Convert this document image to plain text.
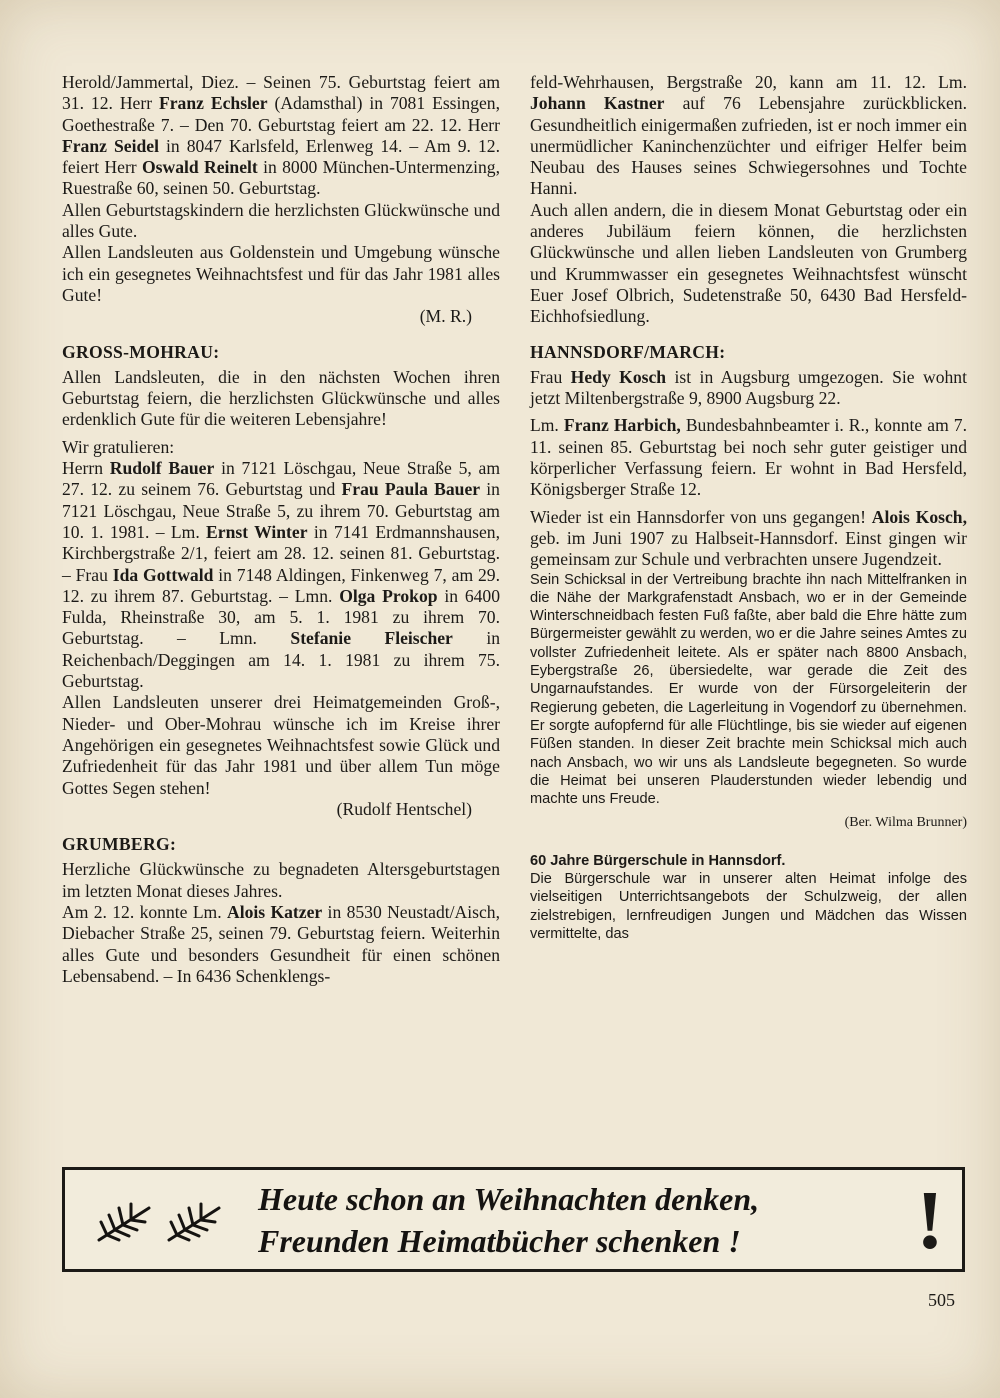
Herold/Jammertal, Diez. – Seinen 75. Geburtstag feiert am 31. 12. Herr Franz Echsler (Adamsthal) in 7081 Essingen, Goethestraße 7. – Den 70. Geburtstag feiert am 22. 12. Herr Franz Seidel in 8047 Karlsfeld, Erlenweg 14. – Am 9. 12. feiert Herr Oswald Reinelt in 8000 München-Untermenzing, Ruestraße 60, seinen 50. Geburtstag.

Allen Geburtstagskindern die herzlichsten Glückwünsche und alles Gute.

Allen Landsleuten aus Goldenstein und Umgebung wünsche ich ein gesegnetes Weihnachtsfest und für das Jahr 1981 alles Gute!

(M. R.)

GROSS-MOHRAU:

Allen Landsleuten, die in den nächsten Wochen ihren Geburtstag feiern, die herzlichsten Glückwünsche und alles erdenklich Gute für die weiteren Lebensjahre!

Wir gratulieren:

Herrn Rudolf Bauer in 7121 Löschgau, Neue Straße 5, am 27. 12. zu seinem 76. Geburtstag und Frau Paula Bauer in 7121 Löschgau, Neue Straße 5, zu ihrem 70. Geburtstag am 10. 1. 1981. – Lm. Ernst Winter in 7141 Erdmannshausen, Kirchbergstraße 2/1, feiert am 28. 12. seinen 81. Geburtstag. – Frau Ida Gottwald in 7148 Aldingen, Finkenweg 7, am 29. 12. zu ihrem 87. Geburtstag. – Lmn. Olga Prokop in 6400 Fulda, Rheinstraße 30, am 5. 1. 1981 zu ihrem 70. Geburtstag. – Lmn. Stefanie Fleischer in Reichenbach/Deggingen am 14. 1. 1981 zu ihrem 75. Geburtstag.

Allen Landsleuten unserer drei Heimatgemeinden Groß-, Nieder- und Ober-Mohrau wünsche ich im Kreise ihrer Angehörigen ein gesegnetes Weihnachtsfest sowie Glück und Zufriedenheit für das Jahr 1981 und über allem Tun möge Gottes Segen stehen!

(Rudolf Hentschel)

GRUMBERG:

Herzliche Glückwünsche zu begnadeten Altersgeburtstagen im letzten Monat dieses Jahres.

Am 2. 12. konnte Lm. Alois Katzer in 8530 Neustadt/Aisch, Diebacher Straße 25, seinen 79. Geburtstag feiern. Weiterhin alles Gute und besonders Gesundheit für einen schönen Lebensabend. – In 6436 Schenklengs-

feld-Wehrhausen, Bergstraße 20, kann am 11. 12. Lm. Johann Kastner auf 76 Lebensjahre zurückblicken. Gesundheitlich einigermaßen zufrieden, ist er noch immer ein unermüdlicher Kaninchenzüchter und eifriger Helfer beim Neubau des Hauses seines Schwiegersohnes und Tochte Hanni.

Auch allen andern, die in diesem Monat Geburtstag oder ein anderes Jubiläum feiern können, die herzlichsten Glückwünsche und allen lieben Landsleuten von Grumberg und Krummwasser ein gesegnetes Weihnachtsfest wünscht Euer Josef Olbrich, Sudetenstraße 50, 6430 Bad Hersfeld-Eichhofsiedlung.

HANNSDORF/MARCH:

Frau Hedy Kosch ist in Augsburg umgezogen. Sie wohnt jetzt Miltenbergstraße 9, 8900 Augsburg 22.

Lm. Franz Harbich, Bundesbahnbeamter i. R., konnte am 7. 11. seinen 85. Geburtstag bei noch sehr guter geistiger und körperlicher Verfassung feiern. Er wohnt in Bad Hersfeld, Königsberger Straße 12.

Wieder ist ein Hannsdorfer von uns gegangen! Alois Kosch, geb. im Juni 1907 zu Halbseit-Hannsdorf. Einst gingen wir gemeinsam zur Schule und verbrachten unsere Jugendzeit.

Sein Schicksal in der Vertreibung brachte ihn nach Mittelfranken in die Nähe der Markgrafenstadt Ansbach, wo er in der Gemeinde Winterschneidbach festen Fuß faßte, aber bald die Ehre hätte zum Bürgermeister gewählt zu werden, wo er die Jahre seines Amtes zu vollster Zufriedenheit leitete. Als er später nach 8800 Ansbach, Eybergstraße 26, übersiedelte, war gerade die Zeit des Ungarnaufstandes. Er wurde von der Fürsorgeleiterin der Regierung gebeten, die Lagerleitung in Vogendorf zu übernehmen. Er sorgte aufopfernd für alle Flüchtlinge, bis sie wieder auf eigenen Füßen standen. In dieser Zeit brachte mein Schicksal mich auch nach Ansbach, wo wir uns als Landsleute begegneten. So wurde die Heimat bei unseren Plauderstunden wieder lebendig und machte uns Freude.

(Ber. Wilma Brunner)

60 Jahre Bürgerschule in Hannsdorf.

Die Bürgerschule war in unserer alten Heimat infolge des vielseitigen Unterrichtsangebots der Schulzweig, der allen zielstrebigen, lernfreudigen Jungen und Mädchen das Wissen vermittelte, das

Heute schon an Weihnachten denken,
Freunden Heimatbücher schenken !	!
505
